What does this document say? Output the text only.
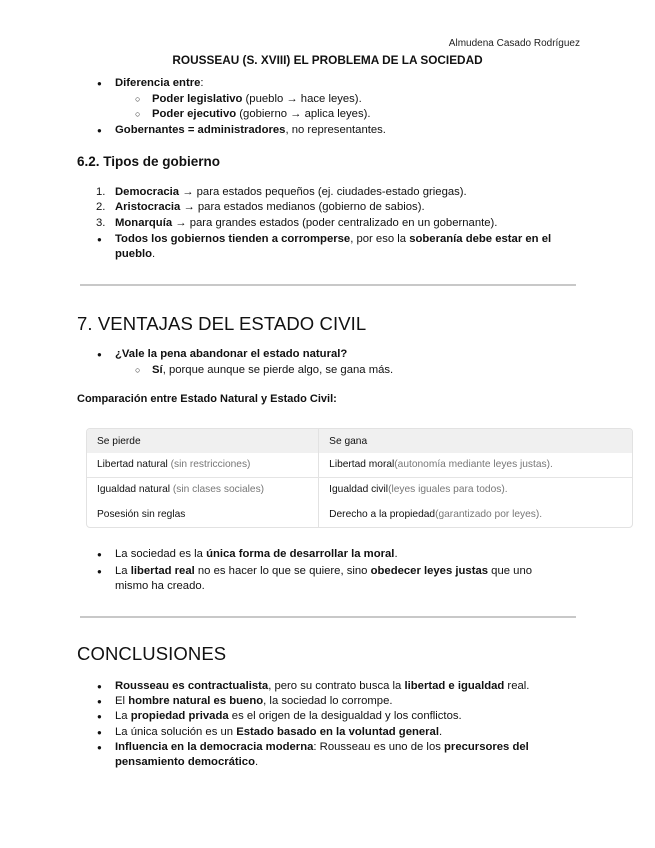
Almudena Casado Rodríguez
ROUSSEAU (S. XVIII) EL PROBLEMA DE LA SOCIEDAD
● Diferencia entre:
○ Poder legislativo (pueblo → hace leyes).
○ Poder ejecutivo (gobierno → aplica leyes).
● Gobernantes = administradores, no representantes.
6.2. Tipos de gobierno
1. Democracia → para estados pequeños (ej. ciudades-estado griegas).
2. Aristocracia → para estados medianos (gobierno de sabios).
3. Monarquía → para grandes estados (poder centralizado en un gobernante).
● Todos los gobiernos tienden a corromperse, por eso la soberanía debe estar en el
pueblo.
7. VENTAJAS DEL ESTADO CIVIL
● ¿Vale la pena abandonar el estado natural?
○ Sí, porque aunque se pierde algo, se gana más.
Comparación entre Estado Natural y Estado Civil:
Se pierde	Se gana
Libertad natural (sin restricciones)	Libertad moral (autonomía mediante leyes justas).
Igualdad natural (sin clases sociales)	Igualdad civil (leyes iguales para todos).
Posesión sin reglas	Derecho a la propiedad (garantizado por leyes).
● La sociedad es la única forma de desarrollar la moral.
● La libertad real no es hacer lo que se quiere, sino obedecer leyes justas que uno
mismo ha creado.
CONCLUSIONES
● Rousseau es contractualista, pero su contrato busca la libertad e igualdad real.
● El hombre natural es bueno, la sociedad lo corrompe.
● La propiedad privada es el origen de la desigualdad y los conflictos.
● La única solución es un Estado basado en la voluntad general.
● Influencia en la democracia moderna: Rousseau es uno de los precursores del
pensamiento democrático.
